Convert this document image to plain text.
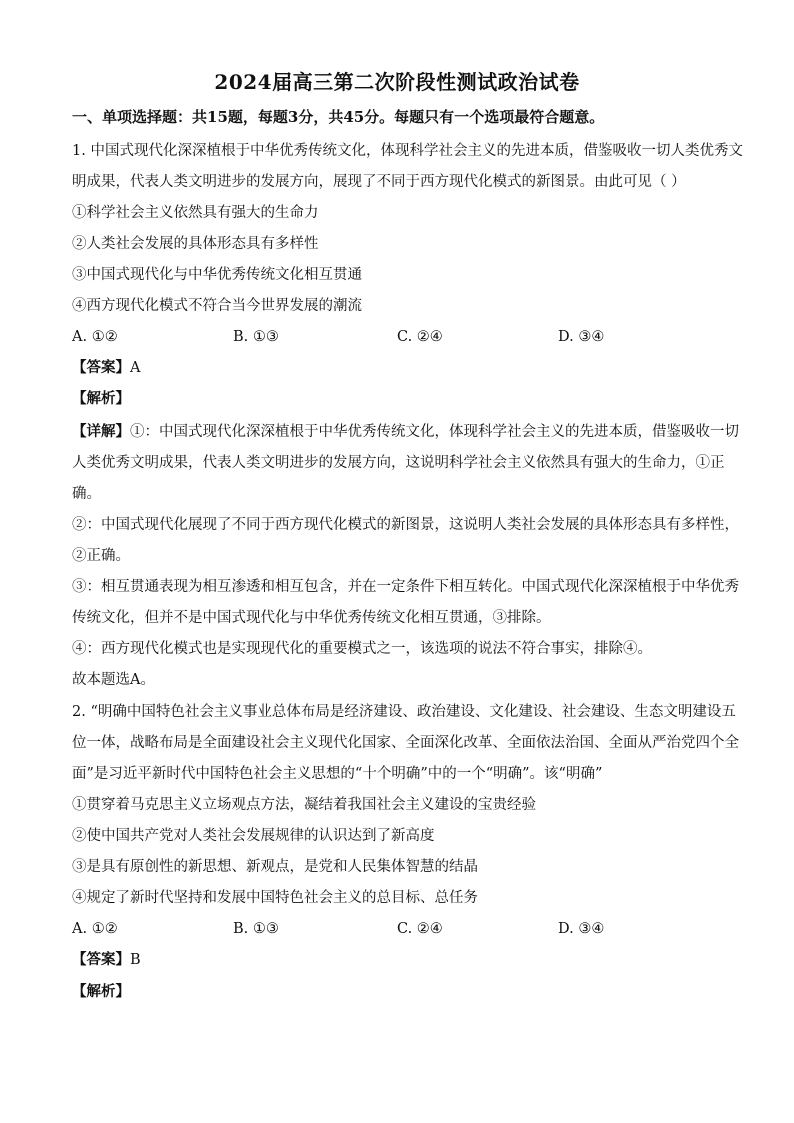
2024届高三第二次阶段性测试政治试卷
一、单项选择题：共15题，每题3分，共45分。每题只有一个选项最符合题意。
1. 中国式现代化深深植根于中华优秀传统文化，体现科学社会主义的先进本质，借鉴吸收一切人类优秀文
明成果，代表人类文明进步的发展方向，展现了不同于西方现代化模式的新图景。由此可见（ ）
①科学社会主义依然具有强大的生命力
②人类社会发展的具体形态具有多样性
③中国式现代化与中华优秀传统文化相互贯通
④西方现代化模式不符合当今世界发展的潮流
A. ①②	B. ①③	C. ②④	D. ③④
【答案】A
【解析】
【详解】①：中国式现代化深深植根于中华优秀传统文化，体现科学社会主义的先进本质，借鉴吸收一切
人类优秀文明成果，代表人类文明进步的发展方向，这说明科学社会主义依然具有强大的生命力，①正
确。
②：中国式现代化展现了不同于西方现代化模式的新图景，这说明人类社会发展的具体形态具有多样性，
②正确。
③：相互贯通表现为相互渗透和相互包含，并在一定条件下相互转化。中国式现代化深深植根于中华优秀
传统文化，但并不是中国式现代化与中华优秀传统文化相互贯通，③排除。
④：西方现代化模式也是实现现代化的重要模式之一，该选项的说法不符合事实，排除④。
故本题选A。
2. “明确中国特色社会主义事业总体布局是经济建设、政治建设、文化建设、社会建设、生态文明建设五
位一体，战略布局是全面建设社会主义现代化国家、全面深化改革、全面依法治国、全面从严治党四个全
面”是习近平新时代中国特色社会主义思想的“十个明确”中的一个“明确”。该“明确”
①贯穿着马克思主义立场观点方法，凝结着我国社会主义建设的宝贵经验
②使中国共产党对人类社会发展规律的认识达到了新高度
③是具有原创性的新思想、新观点，是党和人民集体智慧的结晶
④规定了新时代坚持和发展中国特色社会主义的总目标、总任务
A. ①②	B. ①③	C. ②④	D. ③④
【答案】B
【解析】
